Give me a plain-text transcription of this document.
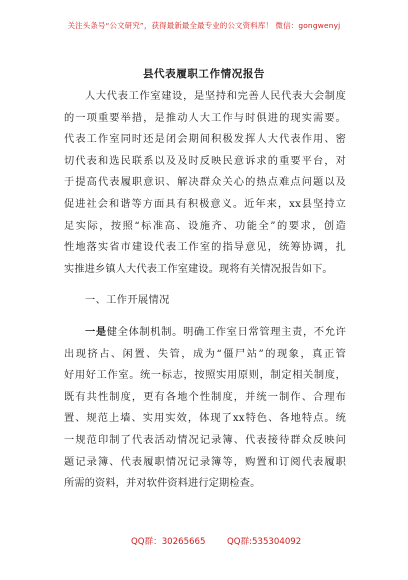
关注头条号“公文研究”，获得最新最全最专业的公文资料库！ 微信：gongwenyj
县代表履职工作情况报告
人大代表工作室建设，是坚持和完善人民代表大会制度
的一项重要举措，是推动人大工作与时俱进的现实需要。
代表工作室同时还是闭会期间积极发挥人大代表作用、密
切代表和选民联系以及及时反映民意诉求的重要平台，对
于提高代表履职意识、解决群众关心的热点难点问题以及
促进社会和谐等方面具有积极意义。近年来，xx县坚持立
足实际，按照“标准高、设施齐、功能全”的要求，创造
性地落实省市建设代表工作室的指导意见，统筹协调，扎
实推进乡镇人大代表工作室建设。现将有关情况报告如下。
一、工作开展情况
一是健全体制机制。明确工作室日常管理主责，不允许
出现挤占、闲置、失管，成为“僵尸站”的现象，真正管
好用好工作室。统一标志，按照实用原则，制定相关制度，
既有共性制度，更有各地个性制度，并统一制作、合理布
置、规范上墙、实用实效，体现了xx特色、各地特点。统
一规范印制了代表活动情况记录簿、代表接待群众反映问
题记录簿、代表履职情况记录簿等，购置和订阅代表履职
所需的资料，并对软件资料进行定期检查。
QQ群：30265665	QQ群:535304092
